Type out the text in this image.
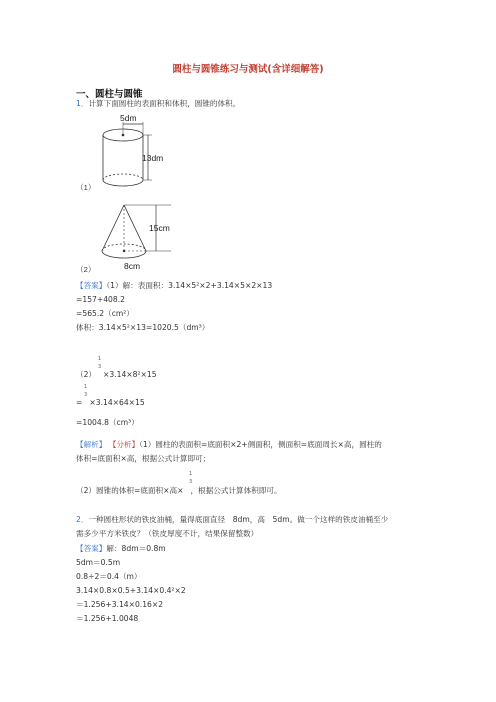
圆柱与圆锥练习与测试(含详细解答)
一、圆柱与圆锥
1．计算下面圆柱的表面积和体积，圆锥的体积。
5dm
13dm
（1）
15cm
8cm
（2）
【答案】（1）解：表面积：3.14×5²×2+3.14×5×2×13
=157+408.2
=565.2（cm²）
体积：3.14×5²×13=1020.5（dm³）
（2） ×3.14×8²×15
1
3
= ×3.14×64×15
1
3
=1004.8（cm³）
【解析】 【分析】（1）圆柱的表面积=底面积×2+侧面积，侧面积=底面周长×高，圆柱的
体积=底面积×高，根据公式计算即可；
（2）圆锥的体积=底面积×高× ，根据公式计算体积即可。
1
3
2．一种圆柱形状的铁皮油桶，量得底面直径　8dm，高　5dm。做一个这样的铁皮油桶至少
需多少平方米铁皮？（铁皮厚度不计，结果保留整数）
【答案】解：8dm＝0.8m
5dm＝0.5m
0.8÷2＝0.4（m）
3.14×0.8×0.5+3.14×0.4²×2
＝1.256+3.14×0.16×2
＝1.256+1.0048
